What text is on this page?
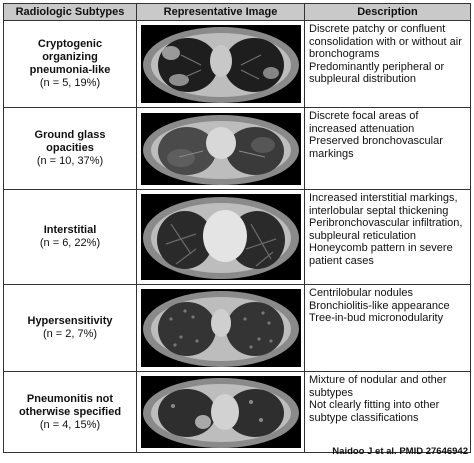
Radiologic Subtypes	Representative Image	Description

Cryptogenic organizing pneumonia-like
(n = 5, 19%)		Discrete patchy or confluent consolidation with or without air bronchograms
Predominantly peripheral or subpleural distribution

Ground glass opacities
(n = 10, 37%)		Discrete focal areas of increased attenuation
Preserved bronchovascular markings

Interstitial
(n = 6, 22%)		Increased interstitial markings, interlobular septal thickening
Peribronchovascular infiltration, subpleural reticulation
Honeycomb pattern in severe patient cases

Hypersensitivity
(n = 2, 7%)		Centrilobular nodules
Bronchiolitis-like appearance
Tree-in-bud micronodularity

Pneumonitis not otherwise specified
(n = 4, 15%)		Mixture of nodular and other subtypes
Not clearly fitting into other subtype classifications
Naidoo J et al. PMID 27646942
